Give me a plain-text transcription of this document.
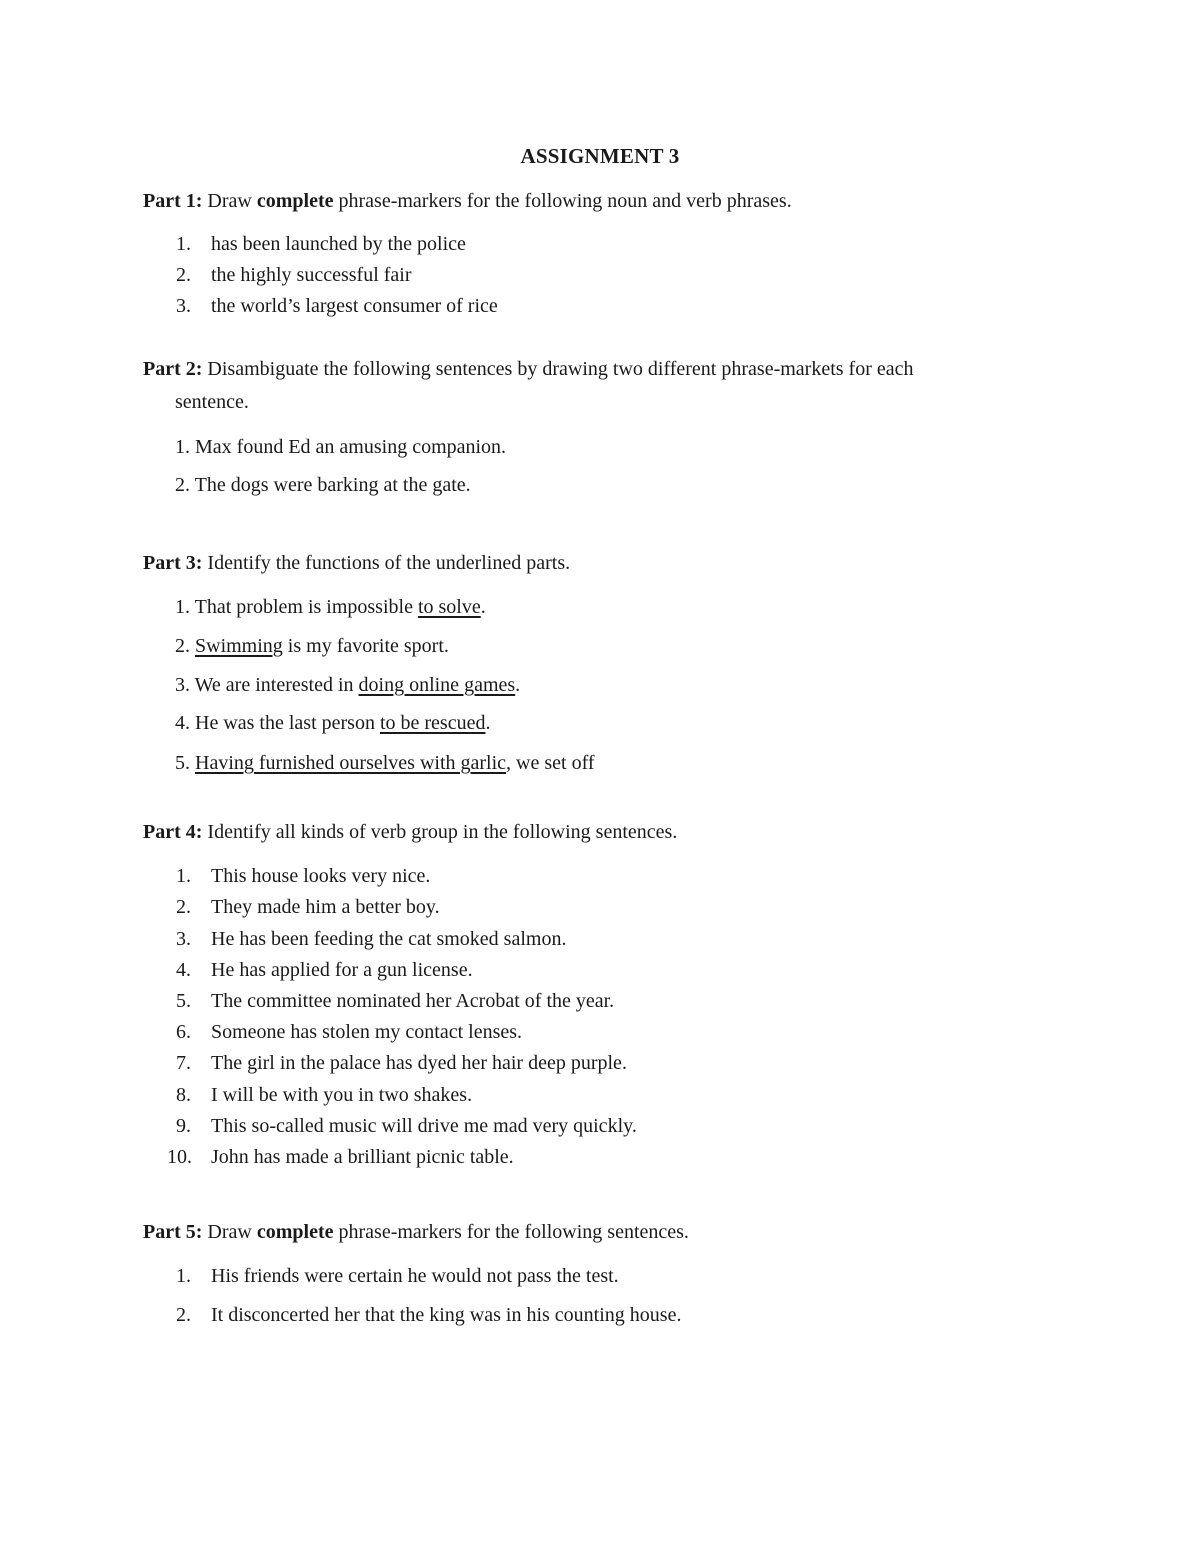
ASSIGNMENT 3
Part 1: Draw complete phrase-markers for the following noun and verb phrases.
1. has been launched by the police
2. the highly successful fair
3. the world’s largest consumer of rice
Part 2: Disambiguate the following sentences by drawing two different phrase-markets for each
sentence.
1. Max found Ed an amusing companion.
2. The dogs were barking at the gate.
Part 3: Identify the functions of the underlined parts.
1. That problem is impossible to solve.
2. Swimming is my favorite sport.
3. We are interested in doing online games.
4. He was the last person to be rescued.
5. Having furnished ourselves with garlic, we set off
Part 4: Identify all kinds of verb group in the following sentences.
1. This house looks very nice.
2. They made him a better boy.
3. He has been feeding the cat smoked salmon.
4. He has applied for a gun license.
5. The committee nominated her Acrobat of the year.
6. Someone has stolen my contact lenses.
7. The girl in the palace has dyed her hair deep purple.
8. I will be with you in two shakes.
9. This so-called music will drive me mad very quickly.
10. John has made a brilliant picnic table.
Part 5: Draw complete phrase-markers for the following sentences.
1. His friends were certain he would not pass the test.
2. It disconcerted her that the king was in his counting house.
